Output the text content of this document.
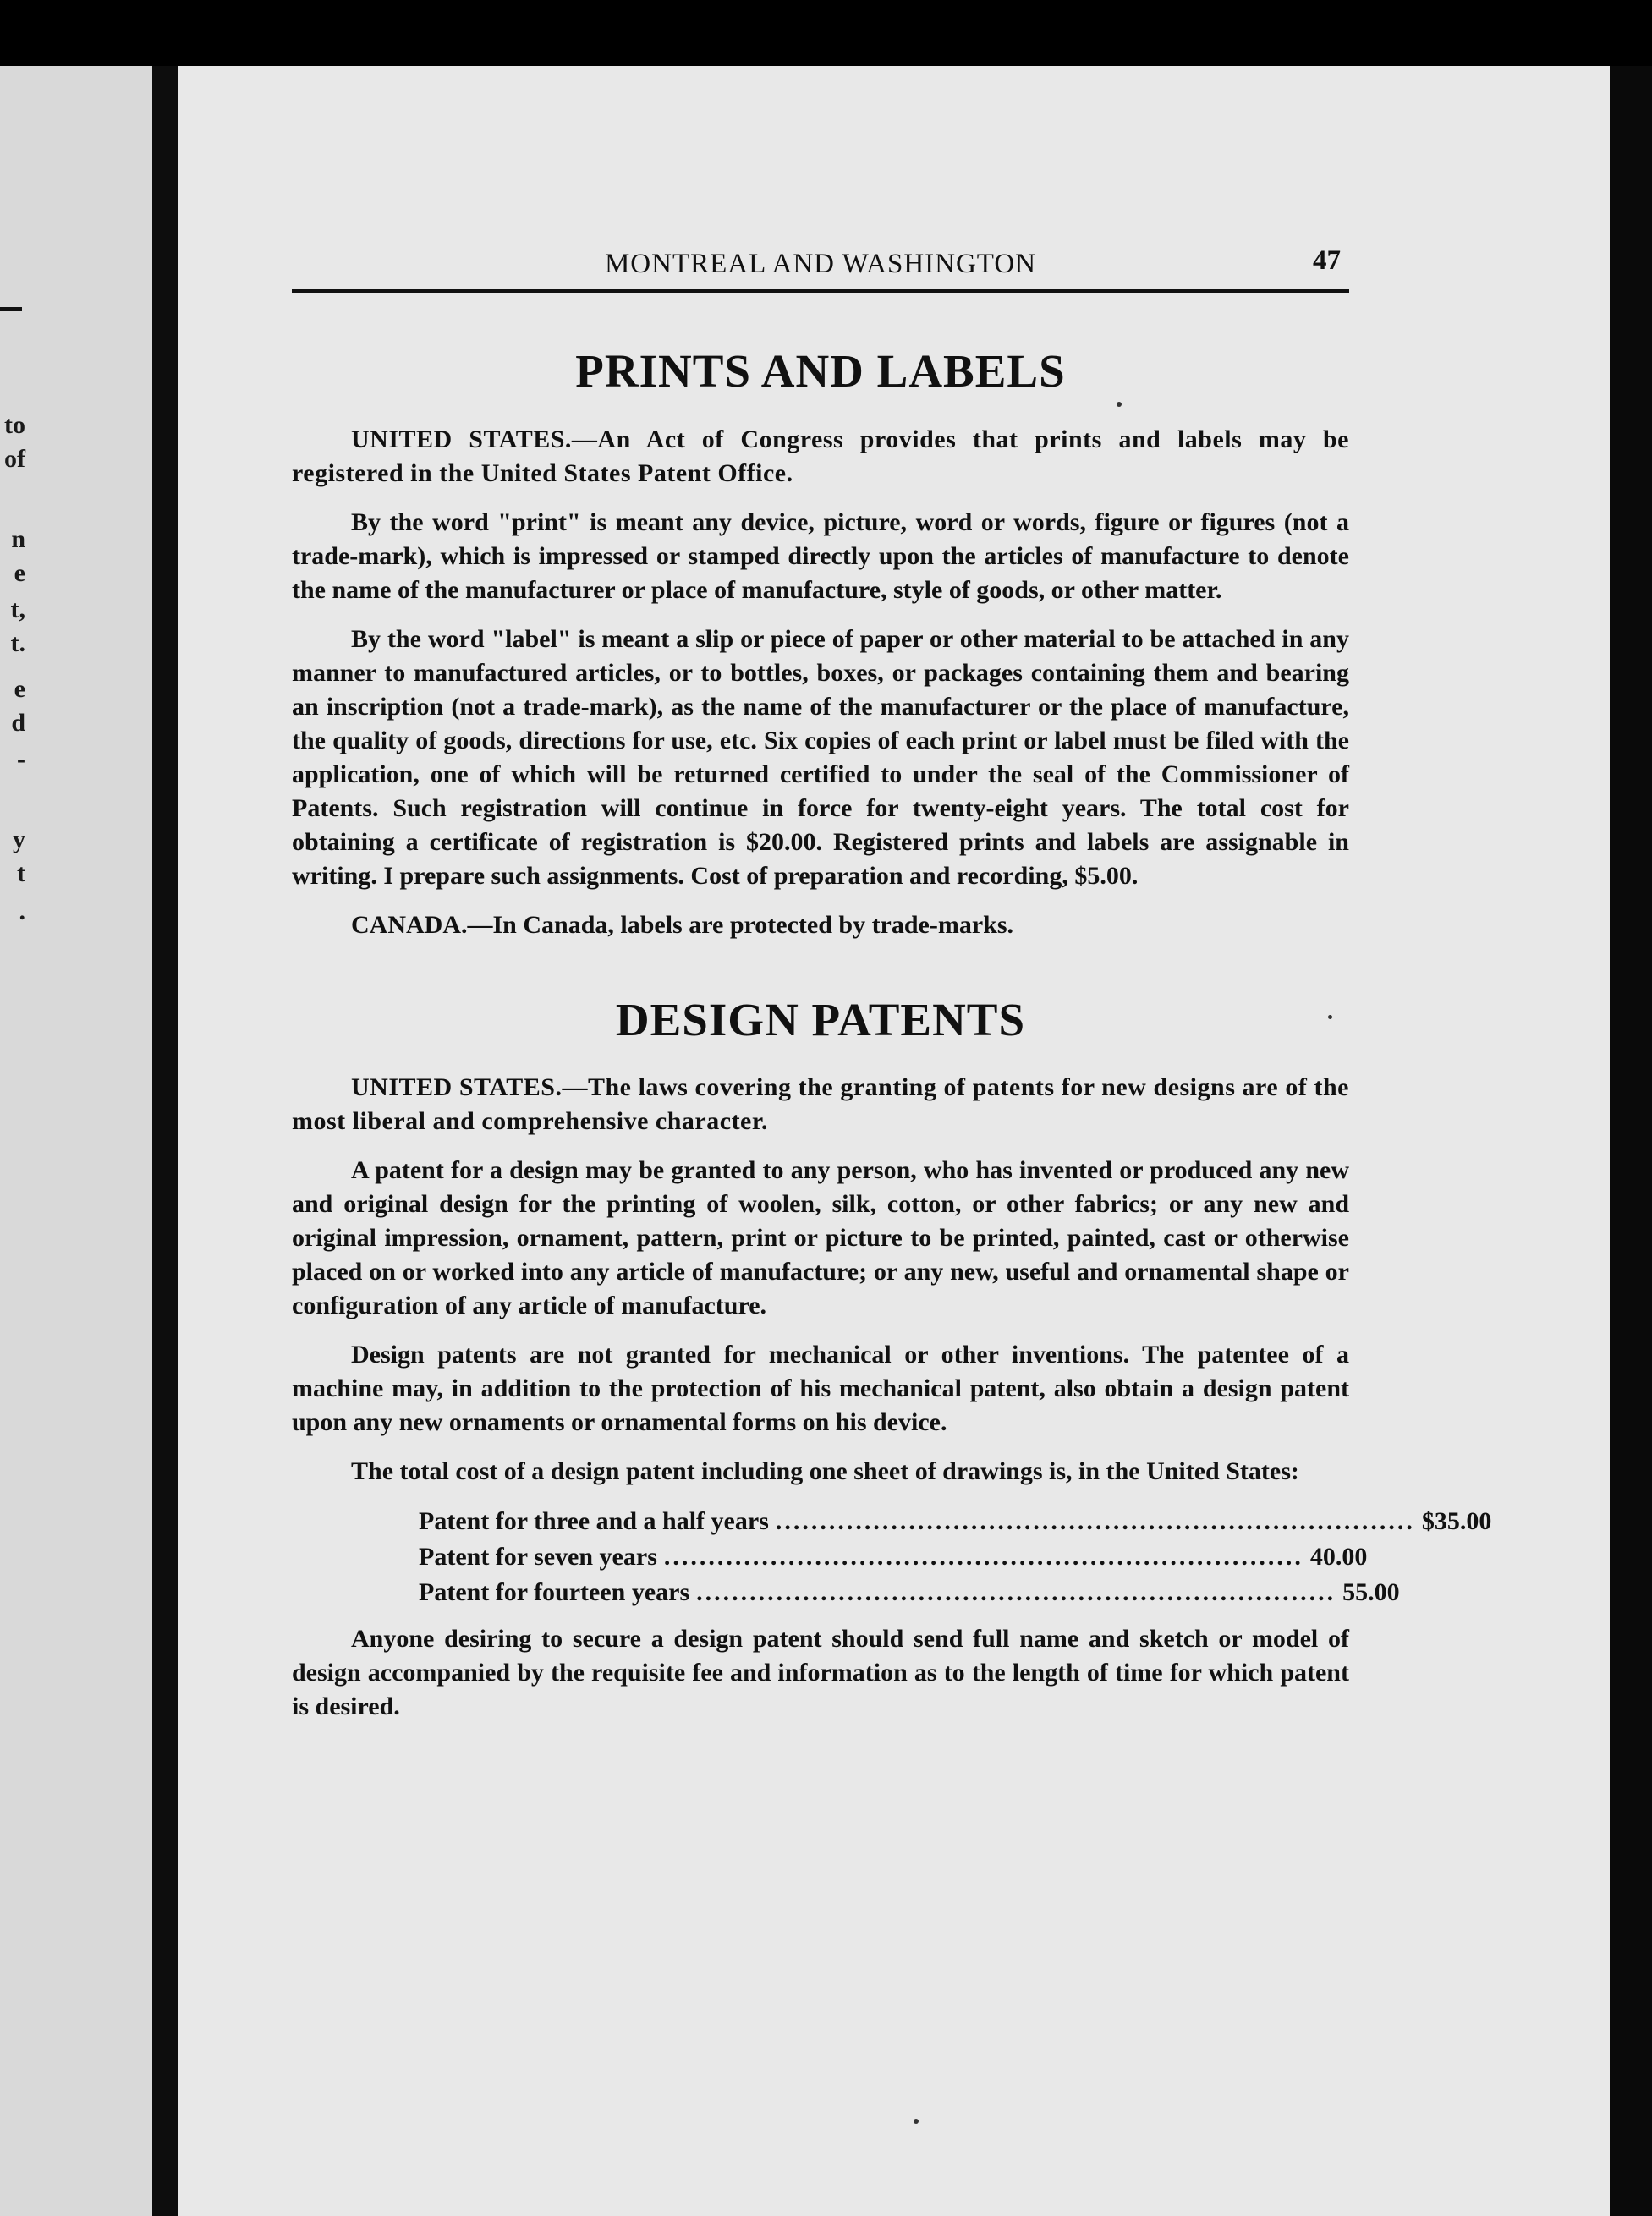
to
of
n
e
t,
t.
e
d
-
y
t
.
MONTREAL AND WASHINGTON	47
PRINTS AND LABELS

UNITED STATES.—An Act of Congress provides that prints and labels may be registered in the United States Patent Office.

By the word "print" is meant any device, picture, word or words, figure or figures (not a trade-mark), which is impressed or stamped directly upon the articles of manufacture to denote the name of the manufacturer or place of manufacture, style of goods, or other matter.

By the word "label" is meant a slip or piece of paper or other material to be attached in any manner to manufactured articles, or to bottles, boxes, or packages containing them and bearing an inscription (not a trade-mark), as the name of the manufacturer or the place of manufacture, the quality of goods, directions for use, etc. Six copies of each print or label must be filed with the application, one of which will be returned certified to under the seal of the Commissioner of Patents. Such registration will continue in force for twenty-eight years. The total cost for obtaining a certificate of registration is $20.00. Registered prints and labels are assignable in writing. I prepare such assignments. Cost of preparation and recording, $5.00.

CANADA.—In Canada, labels are protected by trade-marks.

DESIGN PATENTS

UNITED STATES.—The laws covering the granting of patents for new designs are of the most liberal and comprehensive character.

A patent for a design may be granted to any person, who has invented or produced any new and original design for the printing of woolen, silk, cotton, or other fabrics; or any new and original impression, ornament, pattern, print or picture to be printed, painted, cast or otherwise placed on or worked into any article of manufacture; or any new, useful and ornamental shape or configuration of any article of manufacture.

Design patents are not granted for mechanical or other inventions. The patentee of a machine may, in addition to the protection of his mechanical patent, also obtain a design patent upon any new ornaments or ornamental forms on his device.

The total cost of a design patent including one sheet of drawings is, in the United States:

Patent for three and a half years ........................................................................ $35.00
Patent for seven years ........................................................................ 40.00
Patent for fourteen years ........................................................................ 55.00

Anyone desiring to secure a design patent should send full name and sketch or model of design accompanied by the requisite fee and information as to the length of time for which patent is desired.
